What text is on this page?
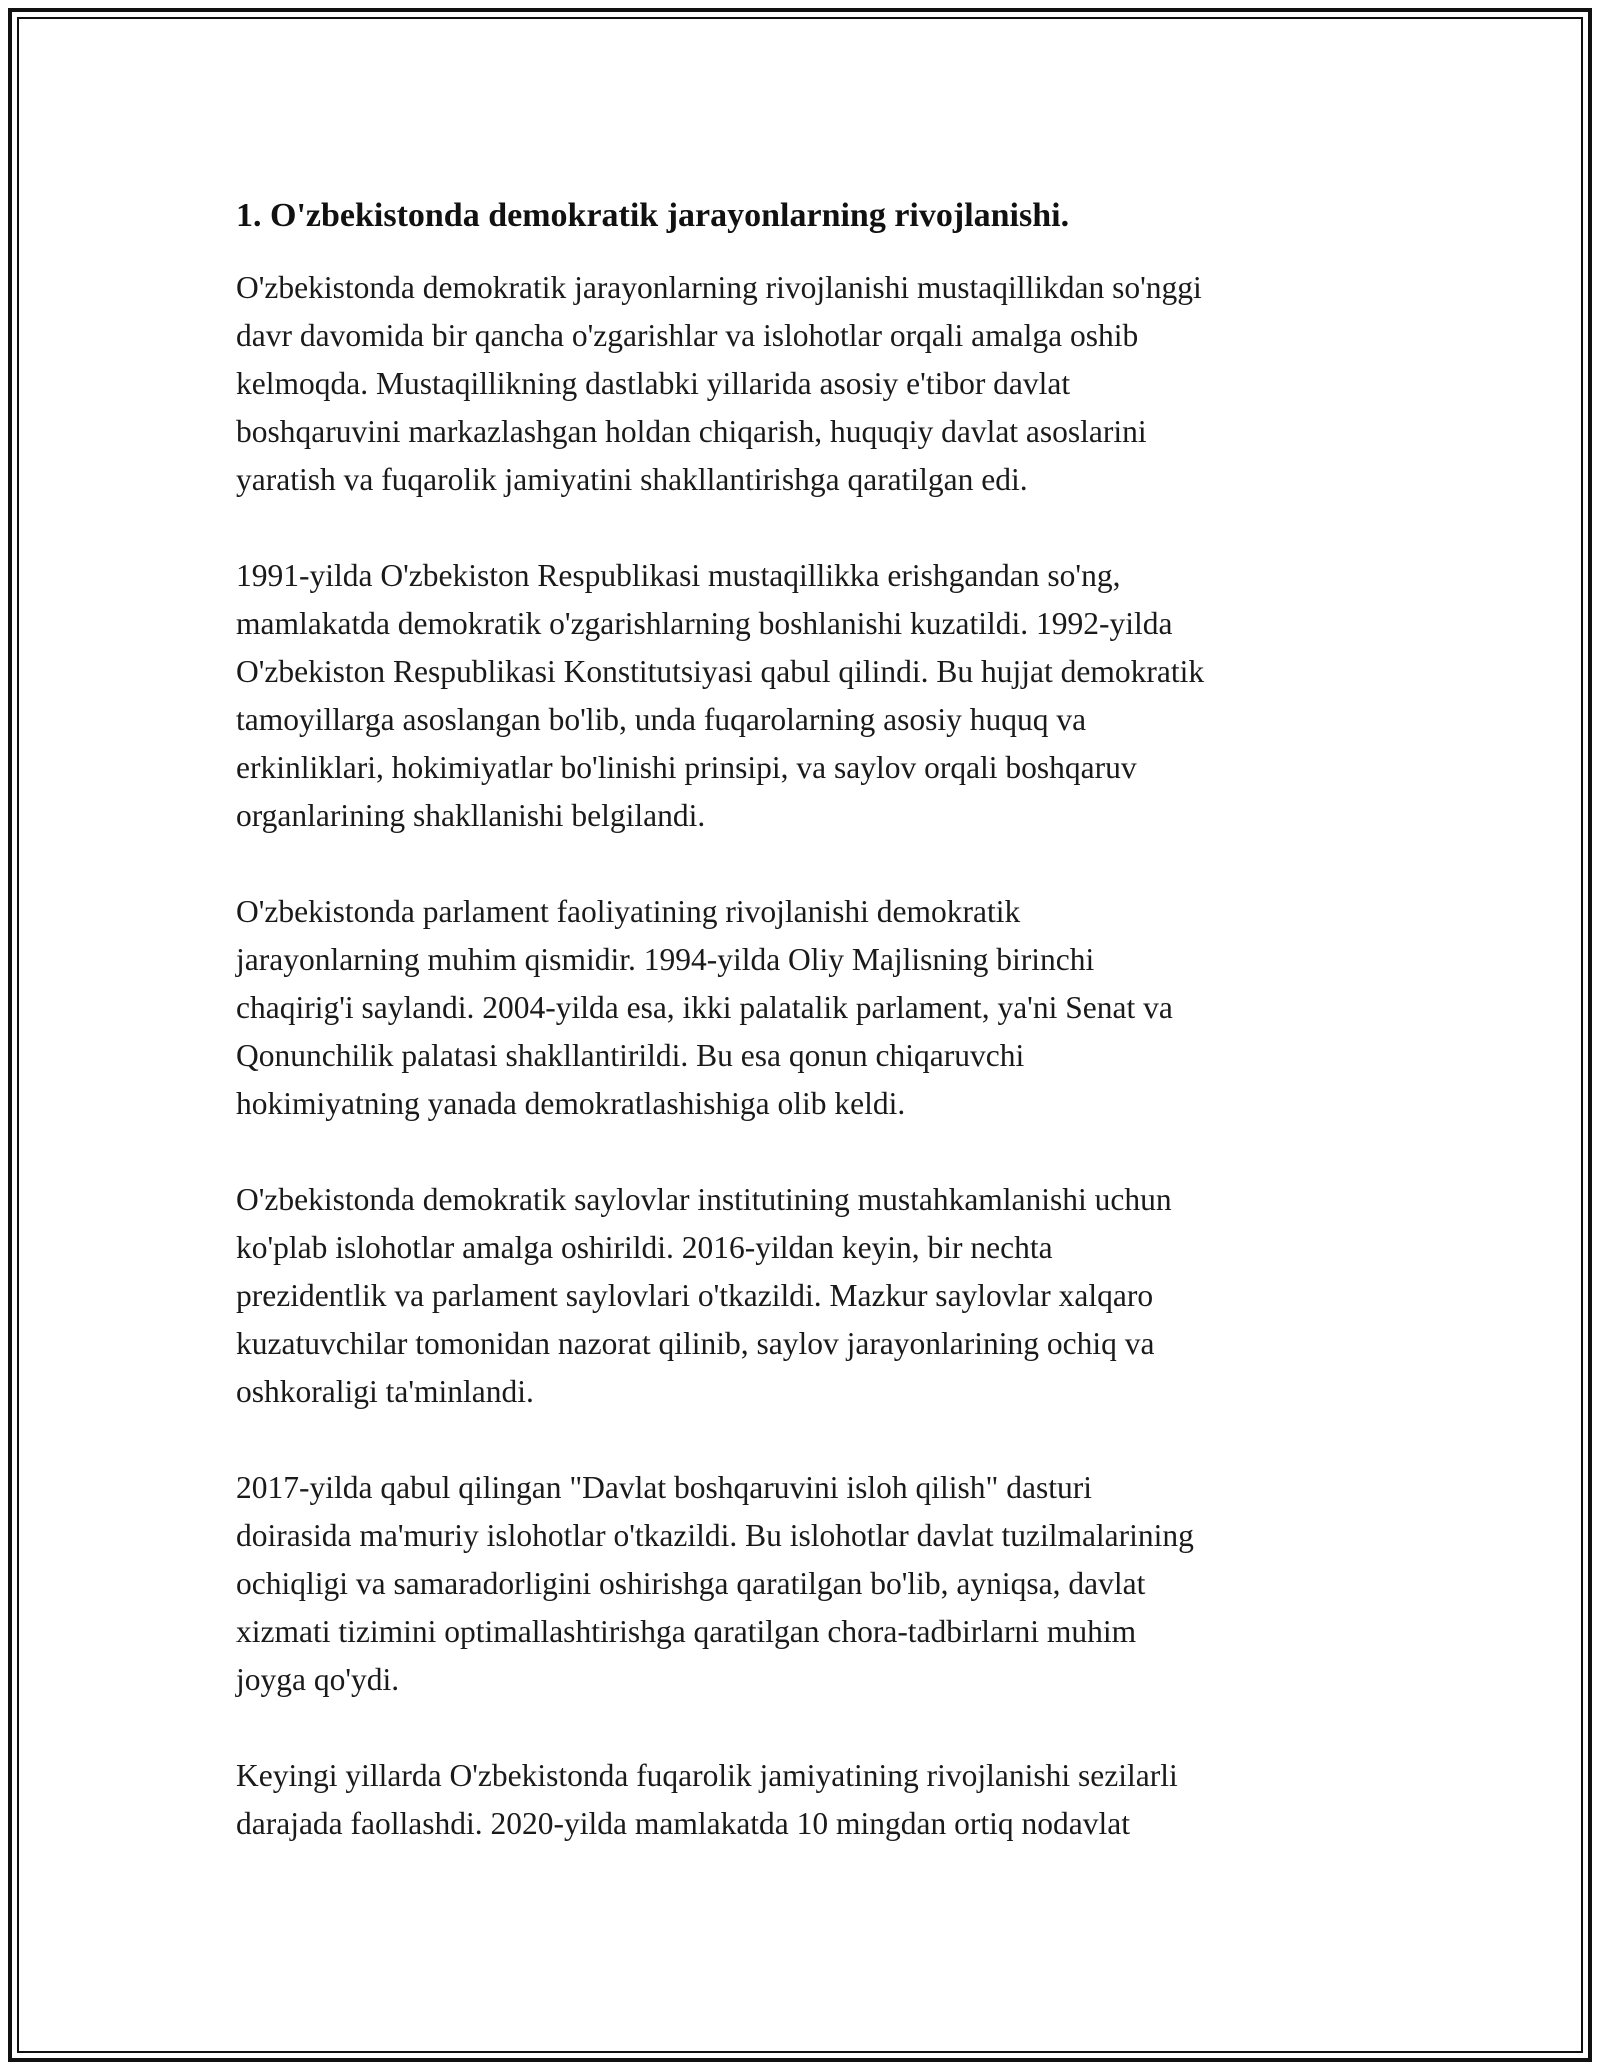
1. O'zbekistonda demokratik jarayonlarning rivojlanishi.

O'zbekistonda demokratik jarayonlarning rivojlanishi mustaqillikdan so'nggi
davr davomida bir qancha o'zgarishlar va islohotlar orqali amalga oshib
kelmoqda. Mustaqillikning dastlabki yillarida asosiy e'tibor davlat
boshqaruvini markazlashgan holdan chiqarish, huquqiy davlat asoslarini
yaratish va fuqarolik jamiyatini shakllantirishga qaratilgan edi.

1991-yilda O'zbekiston Respublikasi mustaqillikka erishgandan so'ng,
mamlakatda demokratik o'zgarishlarning boshlanishi kuzatildi. 1992-yilda
O'zbekiston Respublikasi Konstitutsiyasi qabul qilindi. Bu hujjat demokratik
tamoyillarga asoslangan bo'lib, unda fuqarolarning asosiy huquq va
erkinliklari, hokimiyatlar bo'linishi prinsipi, va saylov orqali boshqaruv
organlarining shakllanishi belgilandi.

O'zbekistonda parlament faoliyatining rivojlanishi demokratik
jarayonlarning muhim qismidir. 1994-yilda Oliy Majlisning birinchi
chaqirig'i saylandi. 2004-yilda esa, ikki palatalik parlament, ya'ni Senat va
Qonunchilik palatasi shakllantirildi. Bu esa qonun chiqaruvchi
hokimiyatning yanada demokratlashishiga olib keldi.

O'zbekistonda demokratik saylovlar institutining mustahkamlanishi uchun
ko'plab islohotlar amalga oshirildi. 2016-yildan keyin, bir nechta
prezidentlik va parlament saylovlari o'tkazildi. Mazkur saylovlar xalqaro
kuzatuvchilar tomonidan nazorat qilinib, saylov jarayonlarining ochiq va
oshkoraligi ta'minlandi.

2017-yilda qabul qilingan "Davlat boshqaruvini isloh qilish" dasturi
doirasida ma'muriy islohotlar o'tkazildi. Bu islohotlar davlat tuzilmalarining
ochiqligi va samaradorligini oshirishga qaratilgan bo'lib, ayniqsa, davlat
xizmati tizimini optimallashtirishga qaratilgan chora-tadbirlarni muhim
joyga qo'ydi.

Keyingi yillarda O'zbekistonda fuqarolik jamiyatining rivojlanishi sezilarli
darajada faollashdi. 2020-yilda mamlakatda 10 mingdan ortiq nodavlat
